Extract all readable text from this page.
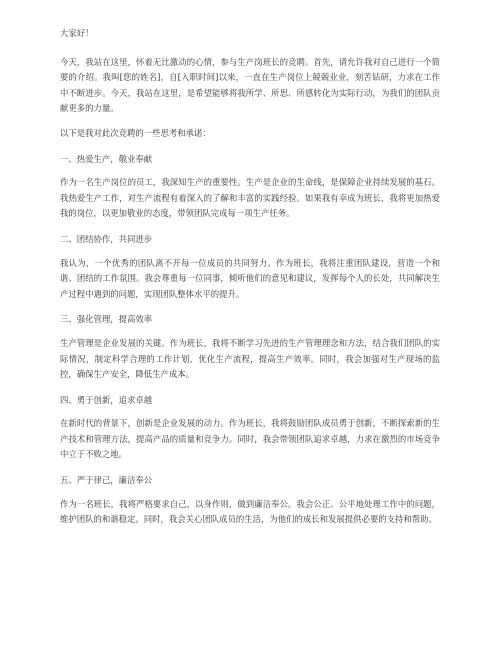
大家好！

今天，我站在这里，怀着无比激动的心情，参与生产岗班长的竞聘。首先，请允许我对自己进行一个简要的介绍。我叫[您的姓名]，自[入职时间]以来，一直在生产岗位上兢兢业业，刻苦钻研，力求在工作中不断进步。今天，我站在这里，是希望能够将我所学、所思、所感转化为实际行动，为我们的团队贡献更多的力量。

以下是我对此次竞聘的一些思考和承诺：

一、热爱生产，敬业奉献

作为一名生产岗位的员工，我深知生产的重要性。生产是企业的生命线，是保障企业持续发展的基石。我热爱生产工作，对生产流程有着深入的了解和丰富的实践经验。如果我有幸成为班长，我将更加热爱我的岗位，以更加敬业的态度，带领团队完成每一项生产任务。

二、团结协作，共同进步

我认为，一个优秀的团队离不开每一位成员的共同努力。作为班长，我将注重团队建设，营造一个和谐、团结的工作氛围。我会尊重每一位同事，倾听他们的意见和建议，发挥每个人的长处，共同解决生产过程中遇到的问题，实现团队整体水平的提升。

三、强化管理，提高效率

生产管理是企业发展的关键。作为班长，我将不断学习先进的生产管理理念和方法，结合我们团队的实际情况，制定科学合理的工作计划，优化生产流程，提高生产效率。同时，我会加强对生产现场的监控，确保生产安全，降低生产成本。

四、勇于创新，追求卓越

在新时代的背景下，创新是企业发展的动力。作为班长，我将鼓励团队成员勇于创新，不断探索新的生产技术和管理方法，提高产品的质量和竞争力。同时，我会带领团队追求卓越，力求在激烈的市场竞争中立于不败之地。

五、严于律己，廉洁奉公

作为一名班长，我将严格要求自己，以身作则，做到廉洁奉公。我会公正、公平地处理工作中的问题，维护团队的和谐稳定。同时，我会关心团队成员的生活，为他们的成长和发展提供必要的支持和帮助。
